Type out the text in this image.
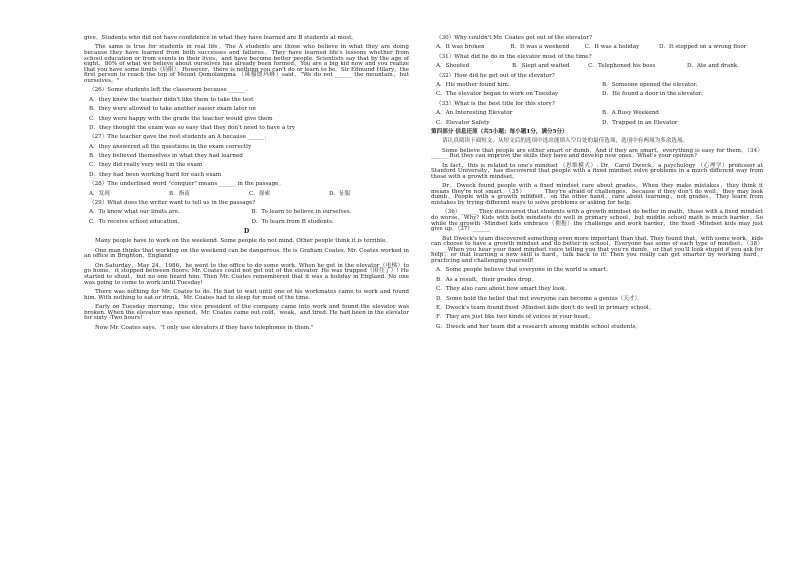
give。Students who did not have confidence in what they have learned are B students at most。

The same is true for students in real life。The A students are those who believe in what they are doing because they have learned from both successes and failures。They have learned life's lessons whether from school education or from events in their lives，and have become better people. Scientists say that by the age of eight，80% of what we believe about ourselves has already been formed。You are a big kid now and you realize that you have some limits（局限）。However，there is nothing you can't do or learn to be。Sir Edmund Hilary，the first person to reach the top of Mount Qomolangma （珠穆朗玛峰）said，"We do not ______ the mountain，but ourselves。"

（26）Some students left the classroom because ______.

A．they knew the teacher didn't like them to take the test

B．they were allowed to take another easier exam later on

C．they were happy with the grade the teacher would give them

D．they thought the exam was so easy that they don't need to have a try

（27）The teacher gave the rest students an A because ______.

A．they answered all the questions in the exam correctly

B．they believed themselves in what they had learned

C．they did really very well in the exam

D．they had been working hard for each exam

（28）The underlined word "conquer" means ______ in the passage。

A．发现	B．指南	C．探索	D．征服

（29）What does the writer want to tell us in the passage?

A．To know what our limits are.	B．To learn to believe in ourselves.
C．To receive school education.	D．To learn from B students.

D

Many people have to work on the weekend. Some people do not mind. Other people think it is terrible.

One man thinks that working on the weekend can be dangerous. He is Graham Coates. Mr. Coates worked in an office in Brighton，England

On Saturday，May 24，1986，he went to the office to do some work. When he got in the elevator（电梯）to go home，it stopped between floors. Mr. Coates could not get out of the elevator. He was trapped（困住了）! He started to shout，but no one heard him. Then Mr. Coates remembered that it was a holiday in England. No one was going to come to work until Tuesday!

There was nothing for Mr. Coates to do. He had to wait until one of his workmates came to work and found him. With nothing to eat or drink，Mr. Coates had to sleep for most of the time.

Early on Tuesday morning，the vice president of the company came into work and found the elevator was broken. When the elevator was opened，Mr. Coates came out cold，weak，and tired. He had been in the elevator for sixty -Two hours!

Now Mr. Coates says，"I only use elevators if they have telephones in them."

（30）Why couldn't Mr. Coates get out of the elevator?

A．It was broken	B．It was a weekend	C．It was a holiday	D．It stopped on a wrong floor

（31）What did he do in the elevator most of the time?

A．Shouted	B．Slept and waited	C．Telephoned his boss	D．Ate and drank.

（32）How did he get out of the elevator?

A．His mother found him.	B．Someone opened the elevator.
C．The elevator began to work on Tuesday	D．He found a door in the elevator.

（33）What is the best title for this story?

A．An Interesting Elevator	B．A Busy Weekend
C．Elevator Safety	D．Trapped in an Elevator

第四部分 信息还原（共5小题；每小题1分，满分5分）

请认真阅读下面短文，从短文后的选项中选出能填入空白处的最佳选项，选项中有两项为多余选项。

Some believe that people are either smart or dumb，And if they are smart，everything is easy for them。（34）______ But they can improve the skills they have and develop new ones。What's your opinion?

In fact，this is related to one's mindset （思维模式）. Dr。Carol Dweck，a psychology （心理学）professor at Stanford University，has discovered that people with a fixed mindset solve problems in a much different way from those with a growth mindset。

Dr。Dweck found people with a fixed mindset care about grades。When they make mistakes，they think it means they're not smart。（35）______ They're afraid of challenges，because if they don't do well，they may look dumb。People with a growth mindset，on the other hand，care about learning，not grades。They learn from mistakes by trying different ways to solve problems or asking for help。

（36）______ They discovered that students with a growth mindset do better in math，those with a fixed mindset do worse。Why? Kids with both mindsets do well in primary school，but middle school math is much harder。So while the growth -Mindset kids embrace（拥抱）the challenge and work harder，the fixed -Mindset kids may just give up。（37）______

But Dweck's team discovered something even more important than that. They found that，with some work，kids can choose to have a growth mindset and do better in school。Everyone has some of each type of mindset。（38）______When you hear your fixed mindset voice telling you that you're dumb，or that you'll look stupid if you ask for help，or that learning a new skill is hard，talk back to it! Then you really can get smarter by working hard，practicing and challenging yourself!

A．Some people believe that everyone in the world is smart。

B．As a result，their grades drop。

C．They also care about how smart they look。

D．Some hold the belief that not everyone can become a genius（天才）。

E．Dweck's team found fixed -Mindset kids don't do well in primary school。

F．They are just like two kinds of voices in your head。

G．Dweck and her team did a research among middle school students。
